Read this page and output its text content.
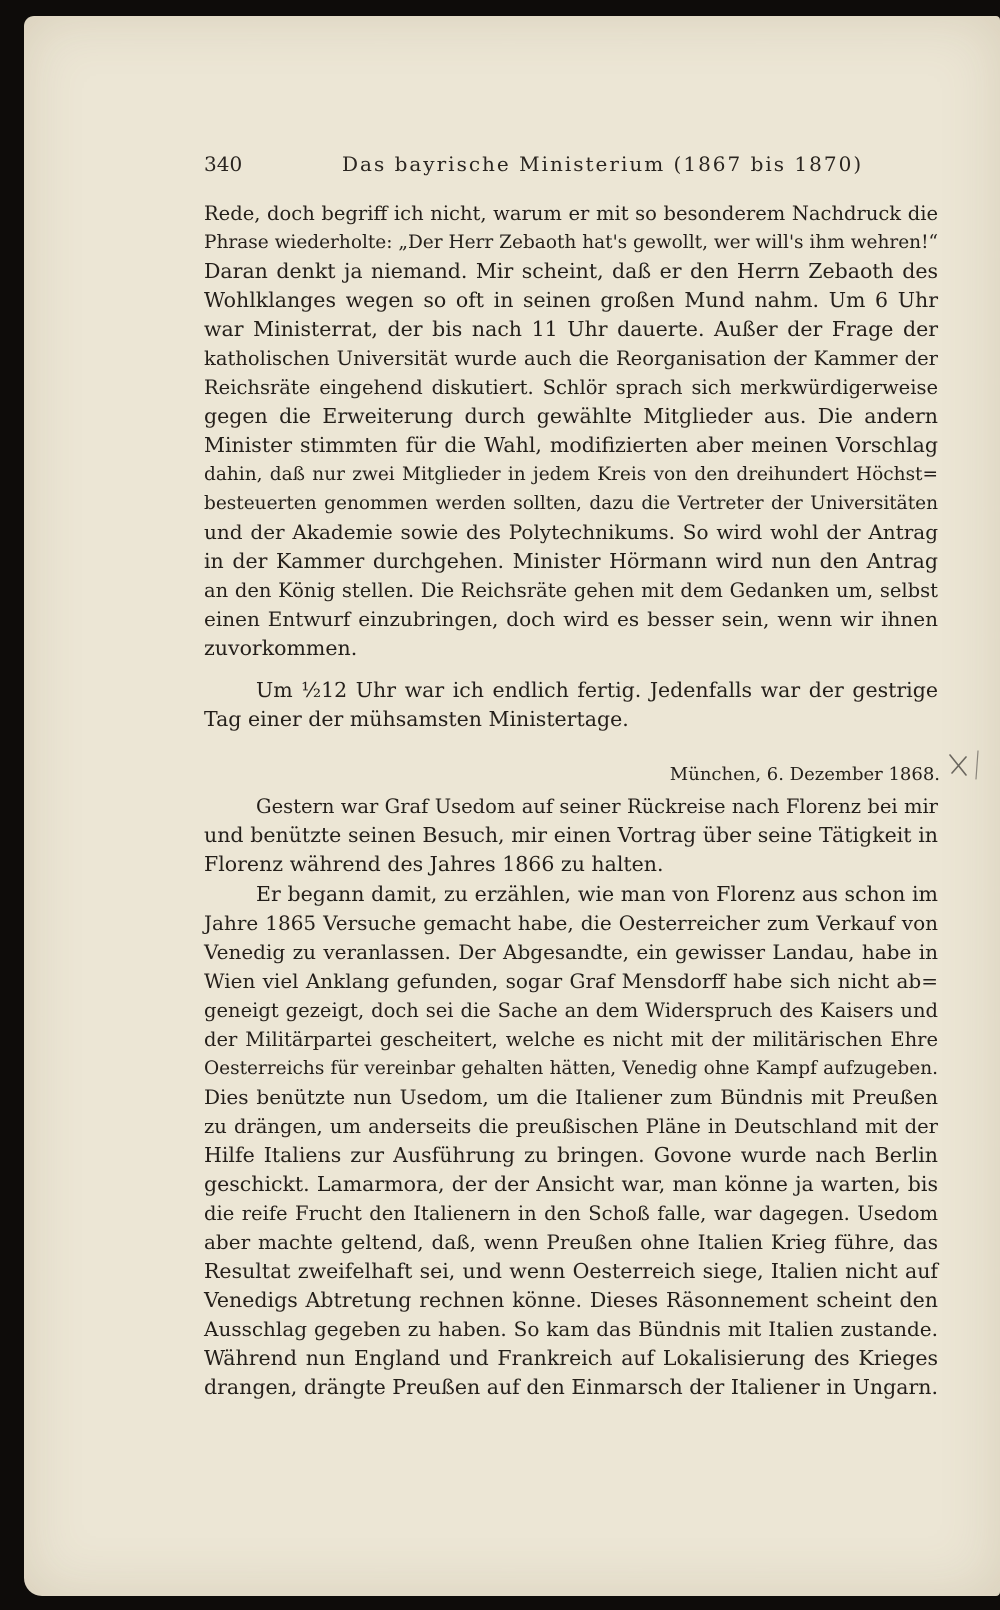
340	Das bayrische Ministerium (1867 bis 1870)
Rede, doch begriff ich nicht, warum er mit so besonderem Nachdruck die
Phrase wiederholte: „Der Herr Zebaoth hat's gewollt, wer will's ihm wehren!“
Daran denkt ja niemand. Mir scheint, daß er den Herrn Zebaoth des
Wohlklanges wegen so oft in seinen großen Mund nahm. Um 6 Uhr
war Ministerrat, der bis nach 11 Uhr dauerte. Außer der Frage der
katholischen Universität wurde auch die Reorganisation der Kammer der
Reichsräte eingehend diskutiert. Schlör sprach sich merkwürdigerweise
gegen die Erweiterung durch gewählte Mitglieder aus. Die andern
Minister stimmten für die Wahl, modifizierten aber meinen Vorschlag
dahin, daß nur zwei Mitglieder in jedem Kreis von den dreihundert Höchst=
besteuerten genommen werden sollten, dazu die Vertreter der Universitäten
und der Akademie sowie des Polytechnikums. So wird wohl der Antrag
in der Kammer durchgehen. Minister Hörmann wird nun den Antrag
an den König stellen. Die Reichsräte gehen mit dem Gedanken um, selbst
einen Entwurf einzubringen, doch wird es besser sein, wenn wir ihnen
zuvorkommen.
Um ½12 Uhr war ich endlich fertig. Jedenfalls war der gestrige
Tag einer der mühsamsten Ministertage.
München, 6. Dezember 1868.
Gestern war Graf Usedom auf seiner Rückreise nach Florenz bei mir
und benützte seinen Besuch, mir einen Vortrag über seine Tätigkeit in
Florenz während des Jahres 1866 zu halten.
Er begann damit, zu erzählen, wie man von Florenz aus schon im
Jahre 1865 Versuche gemacht habe, die Oesterreicher zum Verkauf von
Venedig zu veranlassen. Der Abgesandte, ein gewisser Landau, habe in
Wien viel Anklang gefunden, sogar Graf Mensdorff habe sich nicht ab=
geneigt gezeigt, doch sei die Sache an dem Widerspruch des Kaisers und
der Militärpartei gescheitert, welche es nicht mit der militärischen Ehre
Oesterreichs für vereinbar gehalten hätten, Venedig ohne Kampf aufzugeben.
Dies benützte nun Usedom, um die Italiener zum Bündnis mit Preußen
zu drängen, um anderseits die preußischen Pläne in Deutschland mit der
Hilfe Italiens zur Ausführung zu bringen. Govone wurde nach Berlin
geschickt. Lamarmora, der der Ansicht war, man könne ja warten, bis
die reife Frucht den Italienern in den Schoß falle, war dagegen. Usedom
aber machte geltend, daß, wenn Preußen ohne Italien Krieg führe, das
Resultat zweifelhaft sei, und wenn Oesterreich siege, Italien nicht auf
Venedigs Abtretung rechnen könne. Dieses Räsonnement scheint den
Ausschlag gegeben zu haben. So kam das Bündnis mit Italien zustande.
Während nun England und Frankreich auf Lokalisierung des Krieges
drangen, drängte Preußen auf den Einmarsch der Italiener in Ungarn.
